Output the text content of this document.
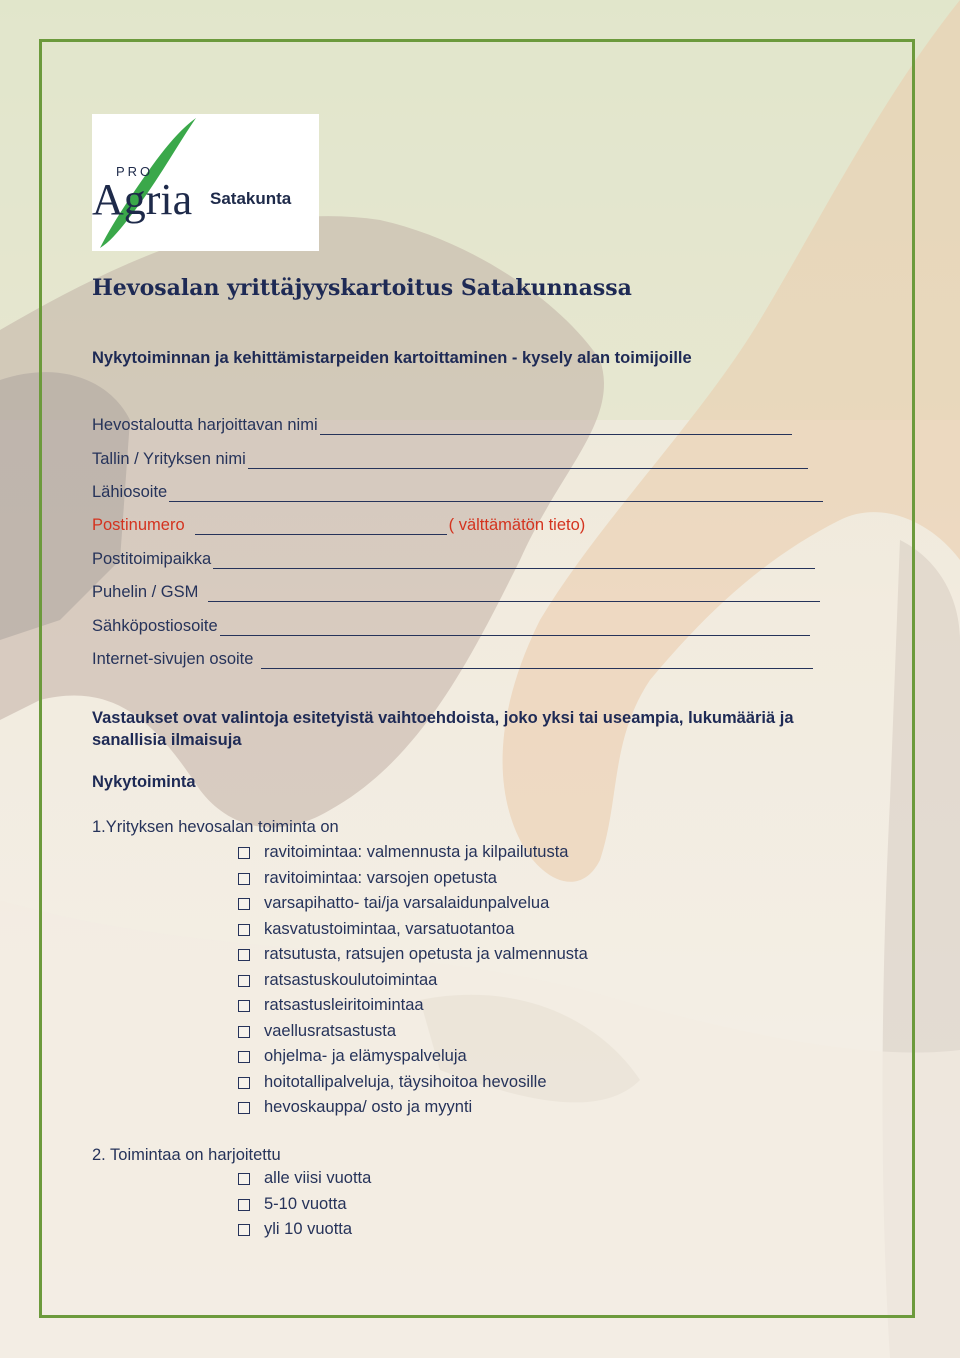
PRO
Agria Satakunta
Hevosalan yrittäjyyskartoitus Satakunnassa
Nykytoiminnan ja kehittämistarpeiden kartoittaminen - kysely alan toimijoille
Hevostaloutta harjoittavan nimi
Tallin / Yrityksen nimi
Lähiosoite
Postinumero	( välttämätön tieto)
Postitoimipaikka
Puhelin / GSM
Sähköpostiosoite
Internet-sivujen osoite
Vastaukset ovat valintoja esitetyistä vaihtoehdoista, joko yksi tai useampia, lukumääriä ja sanallisia ilmaisuja
Nykytoiminta
1.Yrityksen hevosalan toiminta on
ravitoimintaa: valmennusta ja kilpailutusta
ravitoimintaa: varsojen opetusta
varsapihatto- tai/ja varsalaidunpalvelua
kasvatustoimintaa, varsatuotantoa
ratsutusta, ratsujen opetusta ja valmennusta
ratsastuskoulutoimintaa
ratsastusleiritoimintaa
vaellusratsastusta
ohjelma- ja elämyspalveluja
hoitotallipalveluja, täysihoitoa hevosille
hevoskauppa/ osto ja myynti
2. Toimintaa on harjoitettu
alle viisi vuotta
5-10 vuotta
yli 10 vuotta
